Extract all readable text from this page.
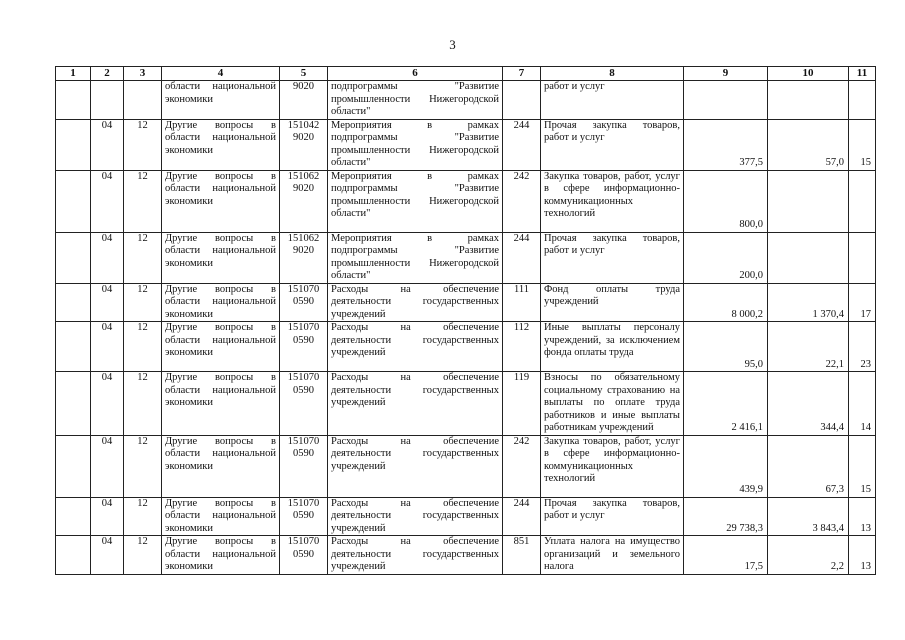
3
1	2	3	4	5	6	7	8	9	10	11
			области национальной экономики	9020	подпрограммы "Развитие промышленности Нижегородской области"		работ и услуг			
	04	12	Другие вопросы в области национальной экономики	151042 9020	Мероприятия в рамках подпрограммы "Развитие промышленности Нижегородской области"	244	Прочая закупка товаров, работ и услуг	377,5	57,0	15
	04	12	Другие вопросы в области национальной экономики	151062 9020	Мероприятия в рамках подпрограммы "Развитие промышленности Нижегородской области"	242	Закупка товаров, работ, услуг в сфере информационно-коммуникационных технологий	800,0		
	04	12	Другие вопросы в области национальной экономики	151062 9020	Мероприятия в рамках подпрограммы "Развитие промышленности Нижегородской области"	244	Прочая закупка товаров, работ и услуг	200,0		
	04	12	Другие вопросы в области национальной экономики	151070 0590	Расходы на обеспечение деятельности государственных учреждений	111	Фонд оплаты труда учреждений	8 000,2	1 370,4	17
	04	12	Другие вопросы в области национальной экономики	151070 0590	Расходы на обеспечение деятельности государственных учреждений	112	Иные выплаты персоналу учреждений, за исключением фонда оплаты труда	95,0	22,1	23
	04	12	Другие вопросы в области национальной экономики	151070 0590	Расходы на обеспечение деятельности государственных учреждений	119	Взносы по обязательному социальному страхованию на выплаты по оплате труда работников и иные выплаты работникам учреждений	2 416,1	344,4	14
	04	12	Другие вопросы в области национальной экономики	151070 0590	Расходы на обеспечение деятельности государственных учреждений	242	Закупка товаров, работ, услуг в сфере информационно-коммуникационных технологий	439,9	67,3	15
	04	12	Другие вопросы в области национальной экономики	151070 0590	Расходы на обеспечение деятельности государственных учреждений	244	Прочая закупка товаров, работ и услуг	29 738,3	3 843,4	13
	04	12	Другие вопросы в области национальной экономики	151070 0590	Расходы на обеспечение деятельности государственных учреждений	851	Уплата налога на имущество организаций и земельного налога	17,5	2,2	13
